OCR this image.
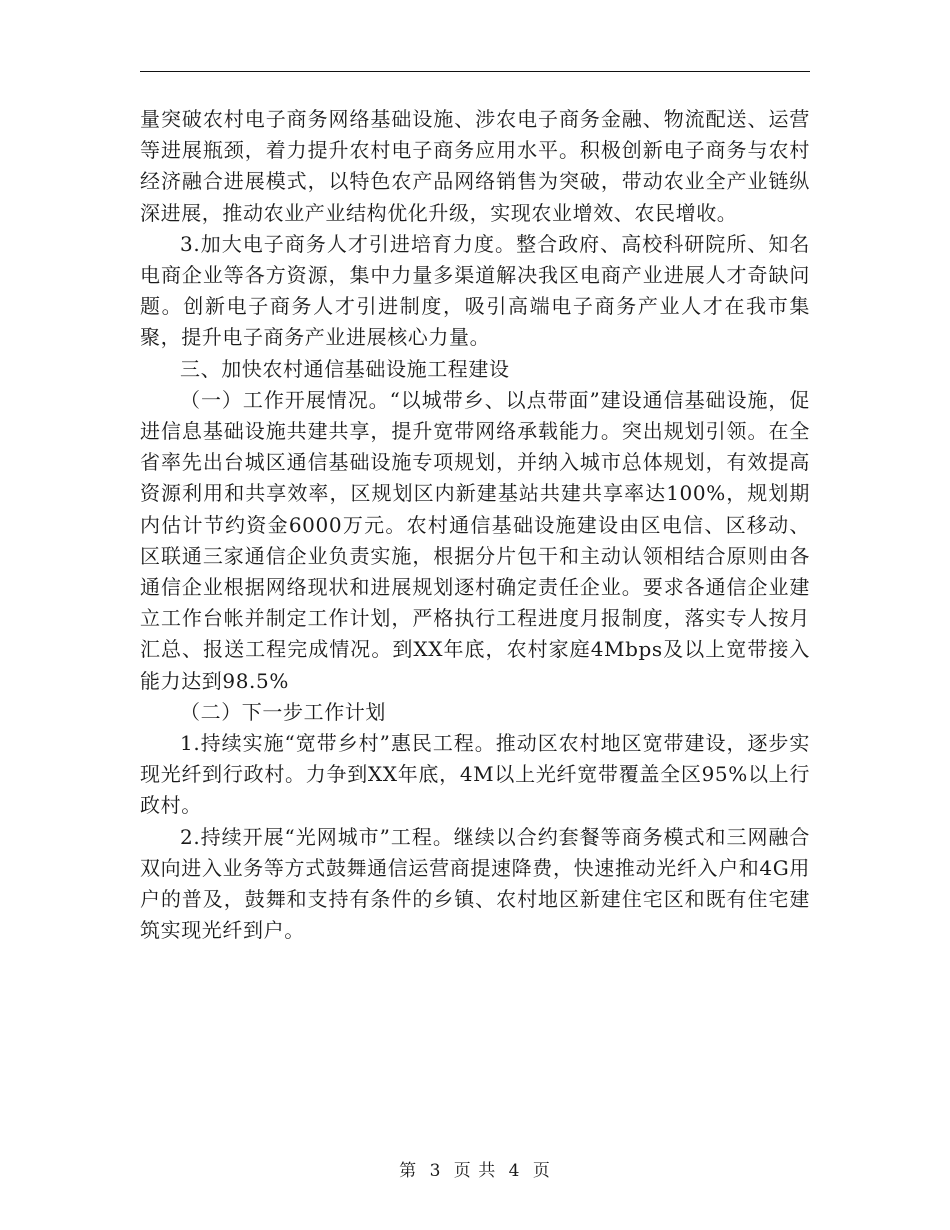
量突破农村电子商务网络基础设施、涉农电子商务金融、物流配送、运营等进展瓶颈，着力提升农村电子商务应用水平。积极创新电子商务与农村经济融合进展模式，以特色农产品网络销售为突破，带动农业全产业链纵深进展，推动农业产业结构优化升级，实现农业增效、农民增收。

3.加大电子商务人才引进培育力度。整合政府、高校科研院所、知名电商企业等各方资源，集中力量多渠道解决我区电商产业进展人才奇缺问题。创新电子商务人才引进制度，吸引高端电子商务产业人才在我市集聚，提升电子商务产业进展核心力量。

三、加快农村通信基础设施工程建设

（一）工作开展情况。“以城带乡、以点带面”建设通信基础设施，促进信息基础设施共建共享，提升宽带网络承载能力。突出规划引领。在全省率先出台城区通信基础设施专项规划，并纳入城市总体规划，有效提高资源利用和共享效率，区规划区内新建基站共建共享率达100%，规划期内估计节约资金6000万元。农村通信基础设施建设由区电信、区移动、区联通三家通信企业负责实施，根据分片包干和主动认领相结合原则由各通信企业根据网络现状和进展规划逐村确定责任企业。要求各通信企业建立工作台帐并制定工作计划，严格执行工程进度月报制度，落实专人按月汇总、报送工程完成情况。到XX年底，农村家庭4Mbps及以上宽带接入能力达到98.5%

（二）下一步工作计划

1.持续实施“宽带乡村”惠民工程。推动区农村地区宽带建设，逐步实现光纤到行政村。力争到XX年底，4M以上光纤宽带覆盖全区95%以上行政村。

2.持续开展“光网城市”工程。继续以合约套餐等商务模式和三网融合双向进入业务等方式鼓舞通信运营商提速降费，快速推动光纤入户和4G用户的普及，鼓舞和支持有条件的乡镇、农村地区新建住宅区和既有住宅建筑实现光纤到户。

第 3 页 共 4 页
